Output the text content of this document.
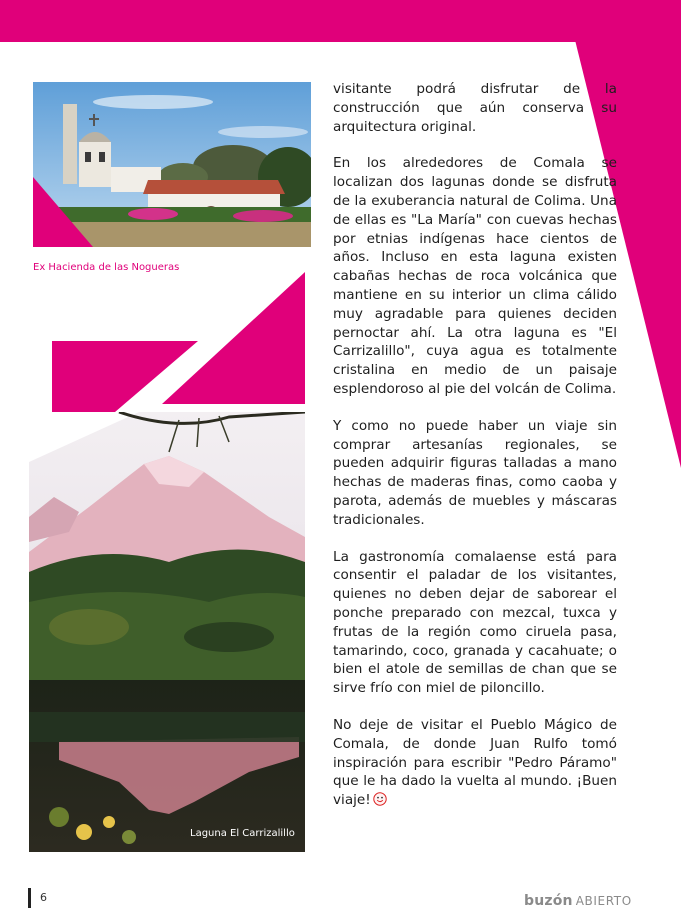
Ex Hacienda de las Nogueras
Laguna El Carrizalillo

visitante podrá disfrutar de la construcción que aún conserva su arquitectura original.

En los alrededores de Comala se localizan dos lagunas donde se disfruta de la exuberancia natural de Colima. Una de ellas es "La María" con cuevas hechas por etnias indígenas hace cientos de años. Incluso en esta laguna existen cabañas hechas de roca volcánica que mantiene en su interior un clima cálido muy agradable para quienes deciden pernoctar ahí. La otra laguna es "El Carrizalillo", cuya agua es totalmente cristalina en medio de un paisaje esplendoroso al pie del volcán de Colima.

Y como no puede haber un viaje sin comprar artesanías regionales, se pueden adquirir figuras talladas a mano hechas de maderas finas, como caoba y parota, además de muebles y máscaras tradicionales.

La gastronomía comalaense está para consentir el paladar de los visitantes, quienes no deben dejar de saborear el ponche preparado con mezcal, tuxca y frutas de la región como ciruela pasa, tamarindo, coco, granada y cacahuate; o bien el atole de semillas de chan que se sirve frío con miel de piloncillo.

No deje de visitar el Pueblo Mágico de Comala, de donde Juan Rulfo tomó inspiración para escribir "Pedro Páramo" que le ha dado la vuelta al mundo. ¡Buen viaje!

6	buzón ABIERTO
